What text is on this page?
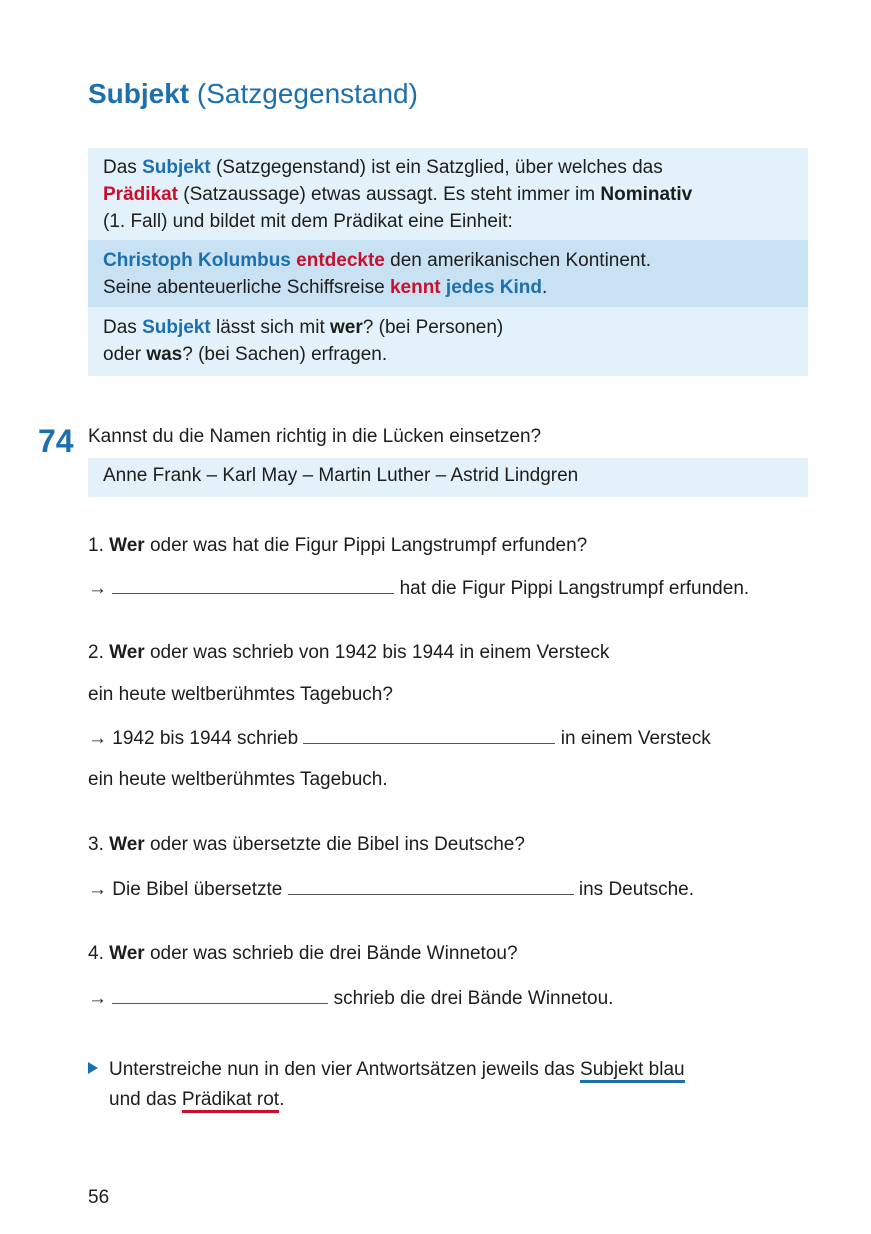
Subjekt (Satzgegenstand)
Das Subjekt (Satzgegenstand) ist ein Satzglied, über welches das
Prädikat (Satzaussage) etwas aussagt. Es steht immer im Nominativ
(1. Fall) und bildet mit dem Prädikat eine Einheit:
Christoph Kolumbus entdeckte den amerikanischen Kontinent.
Seine abenteuerliche Schiffsreise kennt jedes Kind.
Das Subjekt lässt sich mit wer? (bei Personen)
oder was? (bei Sachen) erfragen.
74 Kannst du die Namen richtig in die Lücken einsetzen?
Anne Frank – Karl May – Martin Luther – Astrid Lindgren
1. Wer oder was hat die Figur Pippi Langstrumpf erfunden?
→	hat die Figur Pippi Langstrumpf erfunden.
2. Wer oder was schrieb von 1942 bis 1944 in einem Versteck
ein heute weltberühmtes Tagebuch?
→ 1942 bis 1944 schrieb	in einem Versteck
ein heute weltberühmtes Tagebuch.
3. Wer oder was übersetzte die Bibel ins Deutsche?
→ Die Bibel übersetzte	ins Deutsche.
4. Wer oder was schrieb die drei Bände Winnetou?
→	schrieb die drei Bände Winnetou.
Unterstreiche nun in den vier Antwortsätzen jeweils das Subjekt blau
und das Prädikat rot.
56
